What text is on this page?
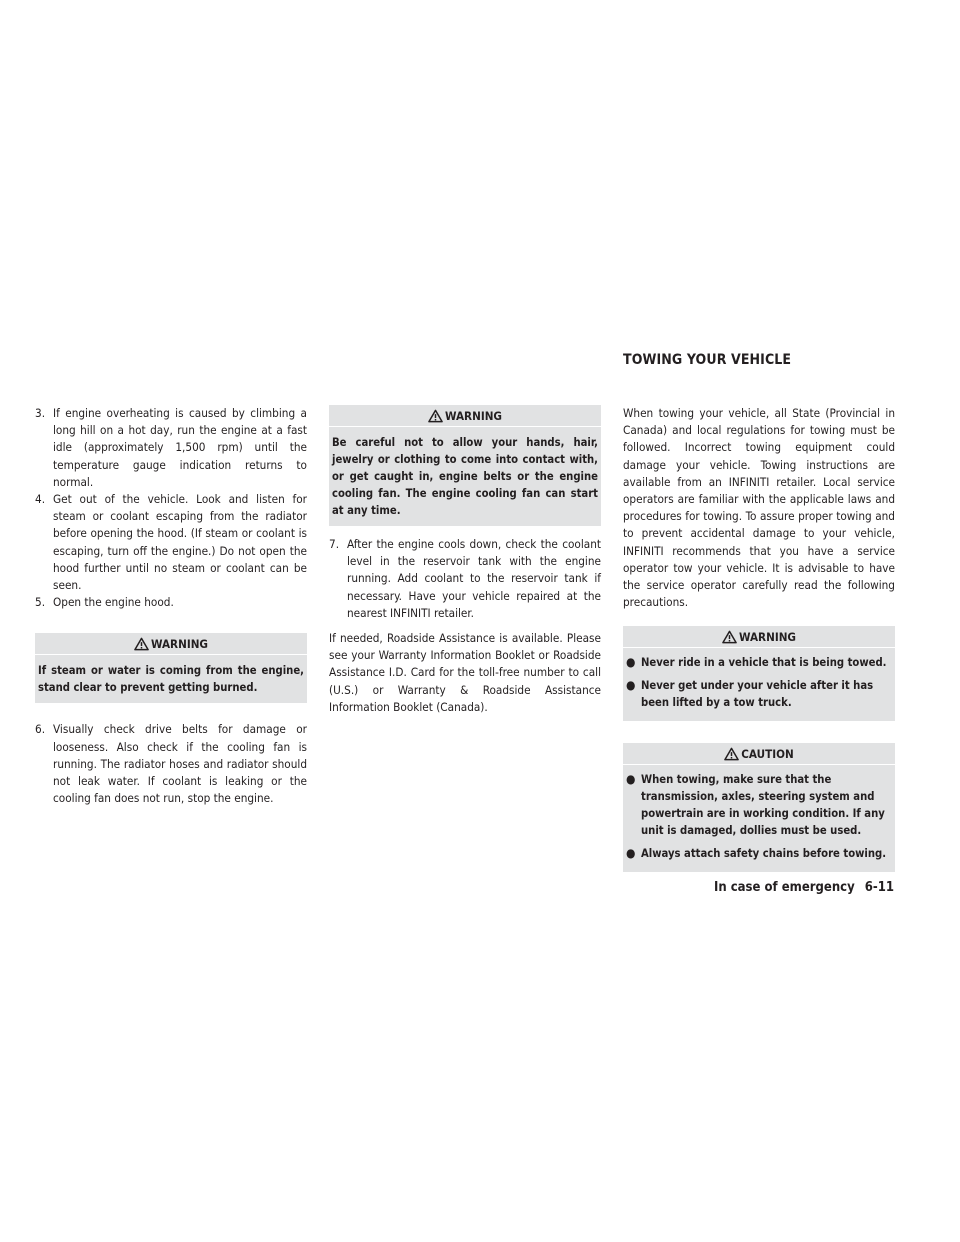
TOWING YOUR VEHICLE

3. If engine overheating is caused by climbing a long hill on a hot day, run the engine at a fast idle (approximately 1,500 rpm) until the temperature gauge indication returns to normal.

4. Get out of the vehicle. Look and listen for steam or coolant escaping from the radiator before opening the hood. (If steam or coolant is escaping, turn off the engine.) Do not open the hood further until no steam or coolant can be seen.

5. Open the engine hood.

WARNING
If steam or water is coming from the engine, stand clear to prevent getting burned.

6. Visually check drive belts for damage or looseness. Also check if the cooling fan is running. The radiator hoses and radiator should not leak water. If coolant is leaking or the cooling fan does not run, stop the engine.

WARNING
Be careful not to allow your hands, hair, jewelry or clothing to come into contact with, or get caught in, engine belts or the engine cooling fan. The engine cooling fan can start at any time.

7. After the engine cools down, check the coolant level in the reservoir tank with the engine running. Add coolant to the reservoir tank if necessary. Have your vehicle repaired at the nearest INFINITI retailer.

If needed, Roadside Assistance is available. Please see your Warranty Information Booklet or Roadside Assistance I.D. Card for the toll-free number to call (U.S.) or Warranty & Roadside Assistance Information Booklet (Canada).

When towing your vehicle, all State (Provincial in Canada) and local regulations for towing must be followed. Incorrect towing equipment could damage your vehicle. Towing instructions are available from an INFINITI retailer. Local service operators are familiar with the applicable laws and procedures for towing. To assure proper towing and to prevent accidental damage to your vehicle, INFINITI recommends that you have a service operator tow your vehicle. It is advisable to have the service operator carefully read the following precautions.

WARNING
● Never ride in a vehicle that is being towed.
● Never get under your vehicle after it has been lifted by a tow truck.
CAUTION
● When towing, make sure that the transmission, axles, steering system and powertrain are in working condition. If any unit is damaged, dollies must be used.
● Always attach safety chains before towing.
In case of emergency 6-11
